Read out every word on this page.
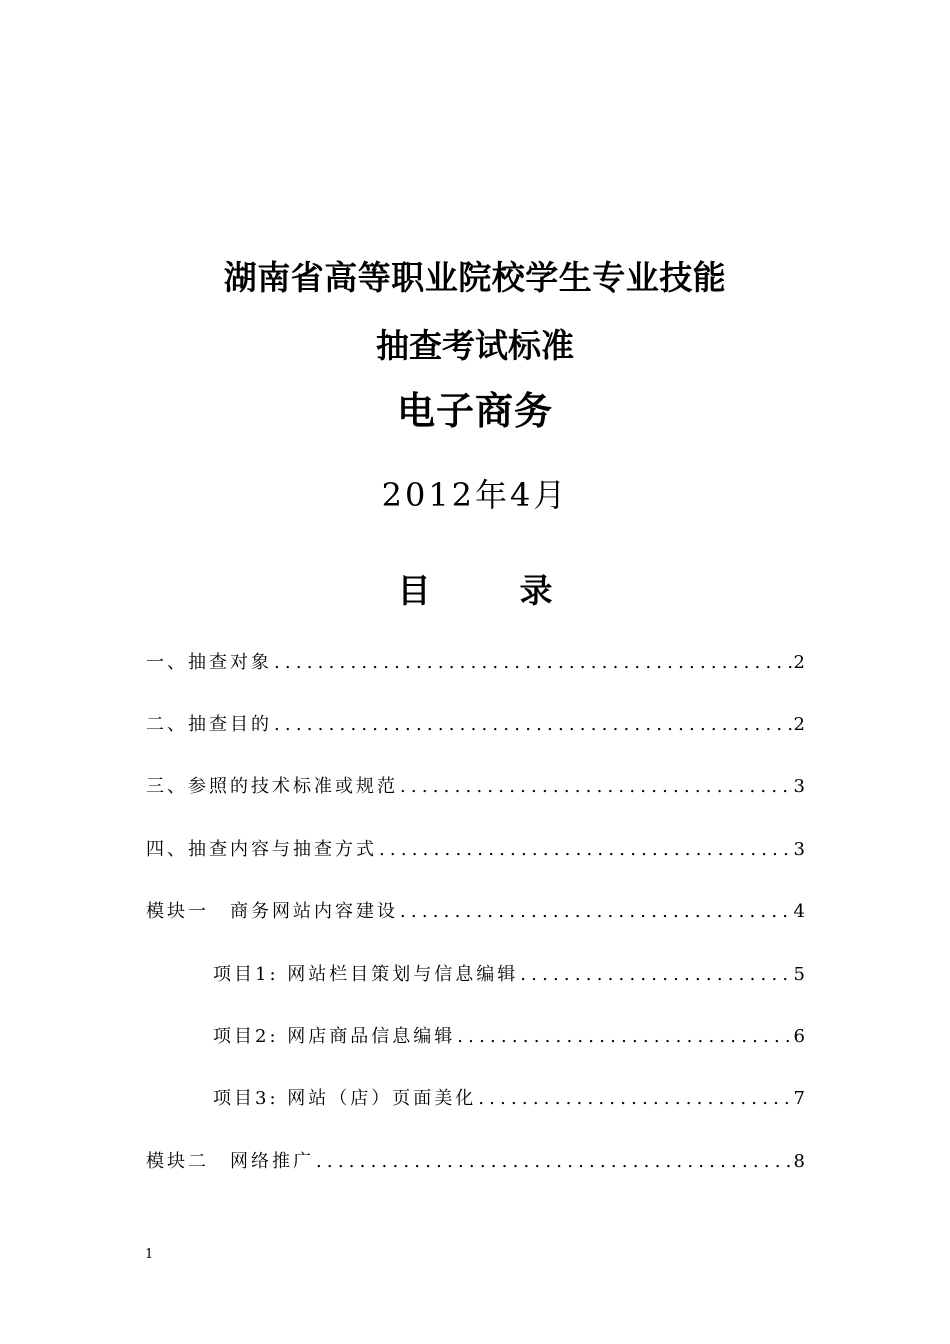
湖南省高等职业院校学生专业技能
抽查考试标准
电子商务
2012年4月
目　录
一、抽查对象 .....	2
二、抽查目的 .....	2
三、参照的技术标准或规范 .....	3
四、抽查内容与抽查方式 .....	3
模块一　商务网站内容建设 .....	4
项目1: 网站栏目策划与信息编辑 .....	5
项目2: 网店商品信息编辑 .....	6
项目3: 网站（店）页面美化 .....	7
模块二　网络推广 .....	8
1
